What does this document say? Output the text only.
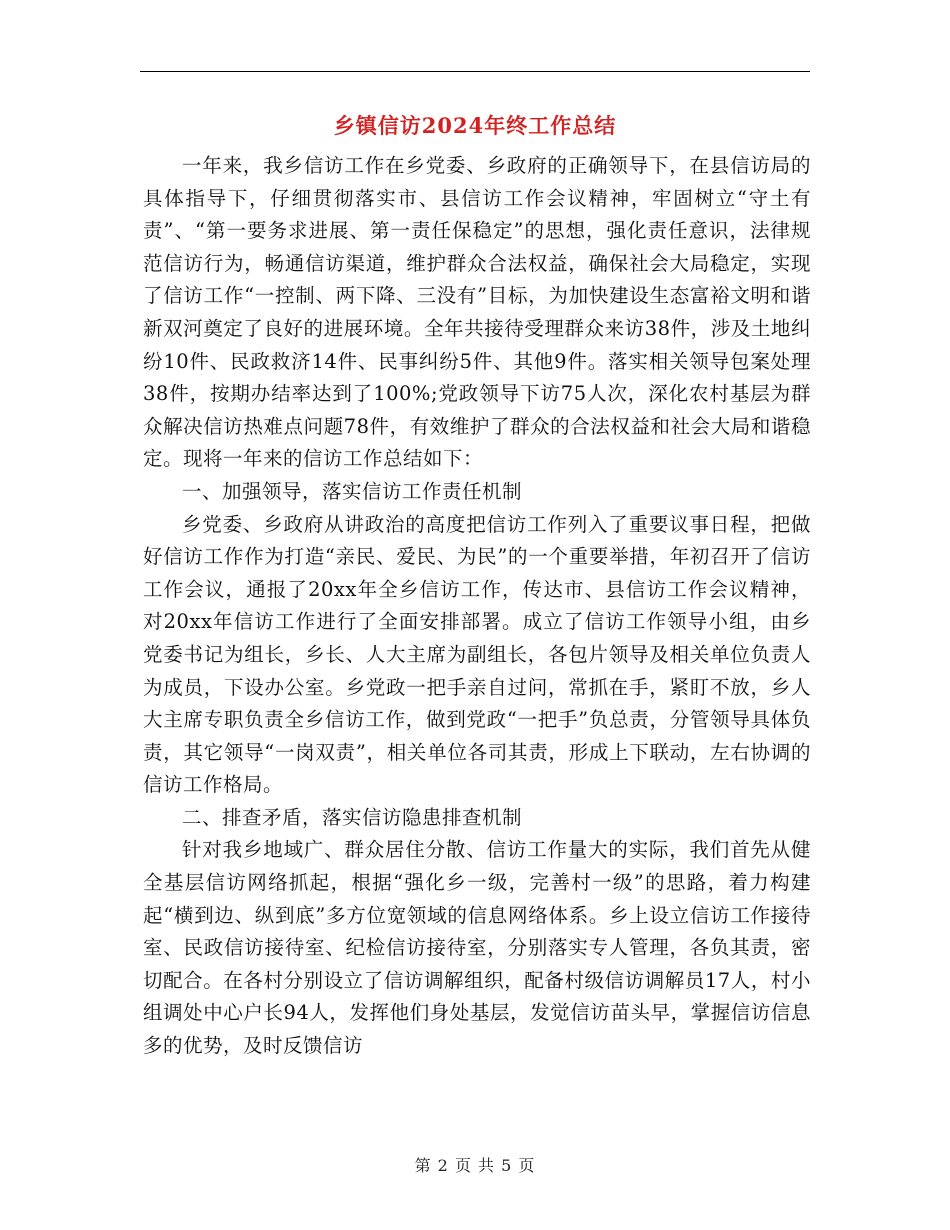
乡镇信访2024年终工作总结

一年来，我乡信访工作在乡党委、乡政府的正确领导下，在县信访局的具体指导下，仔细贯彻落实市、县信访工作会议精神，牢固树立“守土有责”、“第一要务求进展、第一责任保稳定”的思想，强化责任意识，法律规范信访行为，畅通信访渠道，维护群众合法权益，确保社会大局稳定，实现了信访工作“一控制、两下降、三没有”目标，为加快建设生态富裕文明和谐新双河奠定了良好的进展环境。全年共接待受理群众来访38件，涉及土地纠纷10件、民政救济14件、民事纠纷5件、其他9件。落实相关领导包案处理38件，按期办结率达到了100%;党政领导下访75人次，深化农村基层为群众解决信访热难点问题78件，有效维护了群众的合法权益和社会大局和谐稳定。现将一年来的信访工作总结如下：

一、加强领导，落实信访工作责任机制

乡党委、乡政府从讲政治的高度把信访工作列入了重要议事日程，把做好信访工作作为打造“亲民、爱民、为民”的一个重要举措，年初召开了信访工作会议，通报了20xx年全乡信访工作，传达市、县信访工作会议精神，对20xx年信访工作进行了全面安排部署。成立了信访工作领导小组，由乡党委书记为组长，乡长、人大主席为副组长，各包片领导及相关单位负责人为成员，下设办公室。乡党政一把手亲自过问，常抓在手，紧盯不放，乡人大主席专职负责全乡信访工作，做到党政“一把手”负总责，分管领导具体负责，其它领导“一岗双责”，相关单位各司其责，形成上下联动，左右协调的信访工作格局。

二、排查矛盾，落实信访隐患排查机制

针对我乡地域广、群众居住分散、信访工作量大的实际，我们首先从健全基层信访网络抓起，根据“强化乡一级，完善村一级”的思路，着力构建起“横到边、纵到底”多方位宽领域的信息网络体系。乡上设立信访工作接待室、民政信访接待室、纪检信访接待室，分别落实专人管理，各负其责，密切配合。在各村分别设立了信访调解组织，配备村级信访调解员17人，村小组调处中心户长94人，发挥他们身处基层，发觉信访苗头早，掌握信访信息多的优势，及时反馈信访

第 2 页 共 5 页
